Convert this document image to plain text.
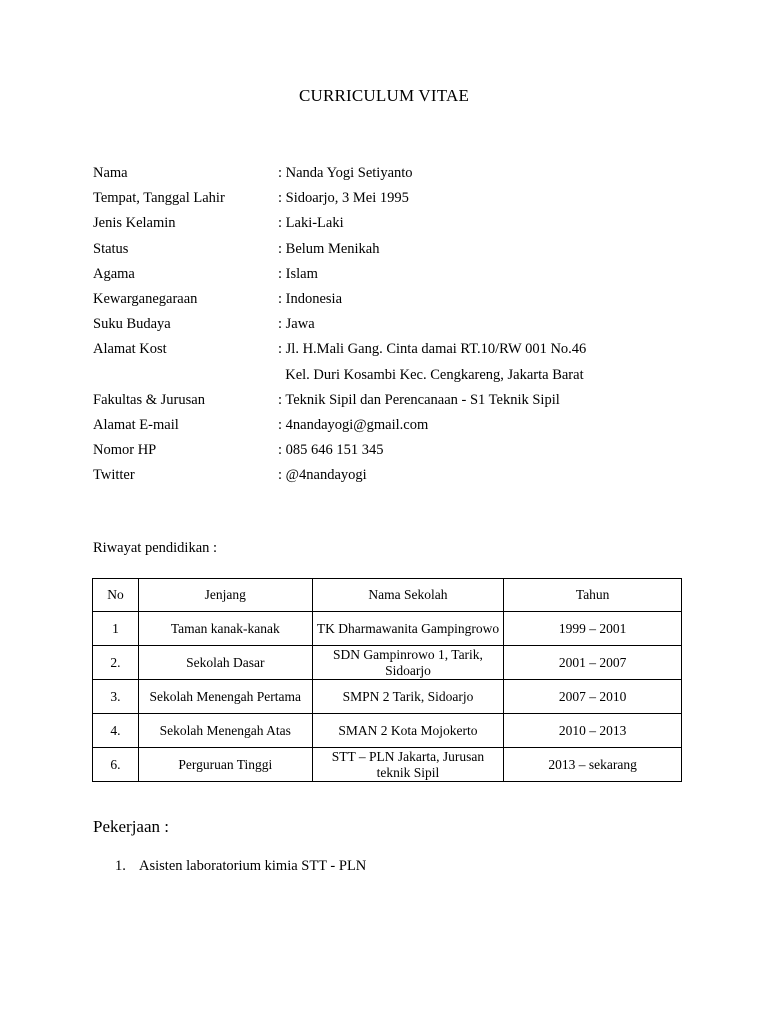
CURRICULUM VITAE
Nama	: Nanda Yogi Setiyanto
Tempat, Tanggal Lahir	: Sidoarjo, 3 Mei 1995
Jenis Kelamin	: Laki-Laki
Status	: Belum Menikah
Agama	: Islam
Kewarganegaraan	: Indonesia
Suku Budaya	: Jawa
Alamat Kost	: Jl. H.Mali Gang. Cinta damai RT.10/RW 001 No.46
Kel. Duri Kosambi Kec. Cengkareng, Jakarta Barat
Fakultas & Jurusan	: Teknik Sipil dan Perencanaan - S1 Teknik Sipil
Alamat E-mail	: 4nandayogi@gmail.com
Nomor HP	: 085 646 151 345
Twitter	: @4nandayogi
Riwayat pendidikan :
No	Jenjang	Nama Sekolah	Tahun
1	Taman kanak-kanak	TK Dharmawanita Gampingrowo	1999 – 2001
2.	Sekolah Dasar	SDN Gampinrowo 1, Tarik, Sidoarjo	2001 – 2007
3.	Sekolah Menengah Pertama	SMPN 2 Tarik, Sidoarjo	2007 – 2010
4.	Sekolah Menengah Atas	SMAN 2 Kota Mojokerto	2010 – 2013
6.	Perguruan Tinggi	STT – PLN Jakarta, Jurusan teknik Sipil	2013 – sekarang
Pekerjaan :
1. Asisten laboratorium kimia STT - PLN
